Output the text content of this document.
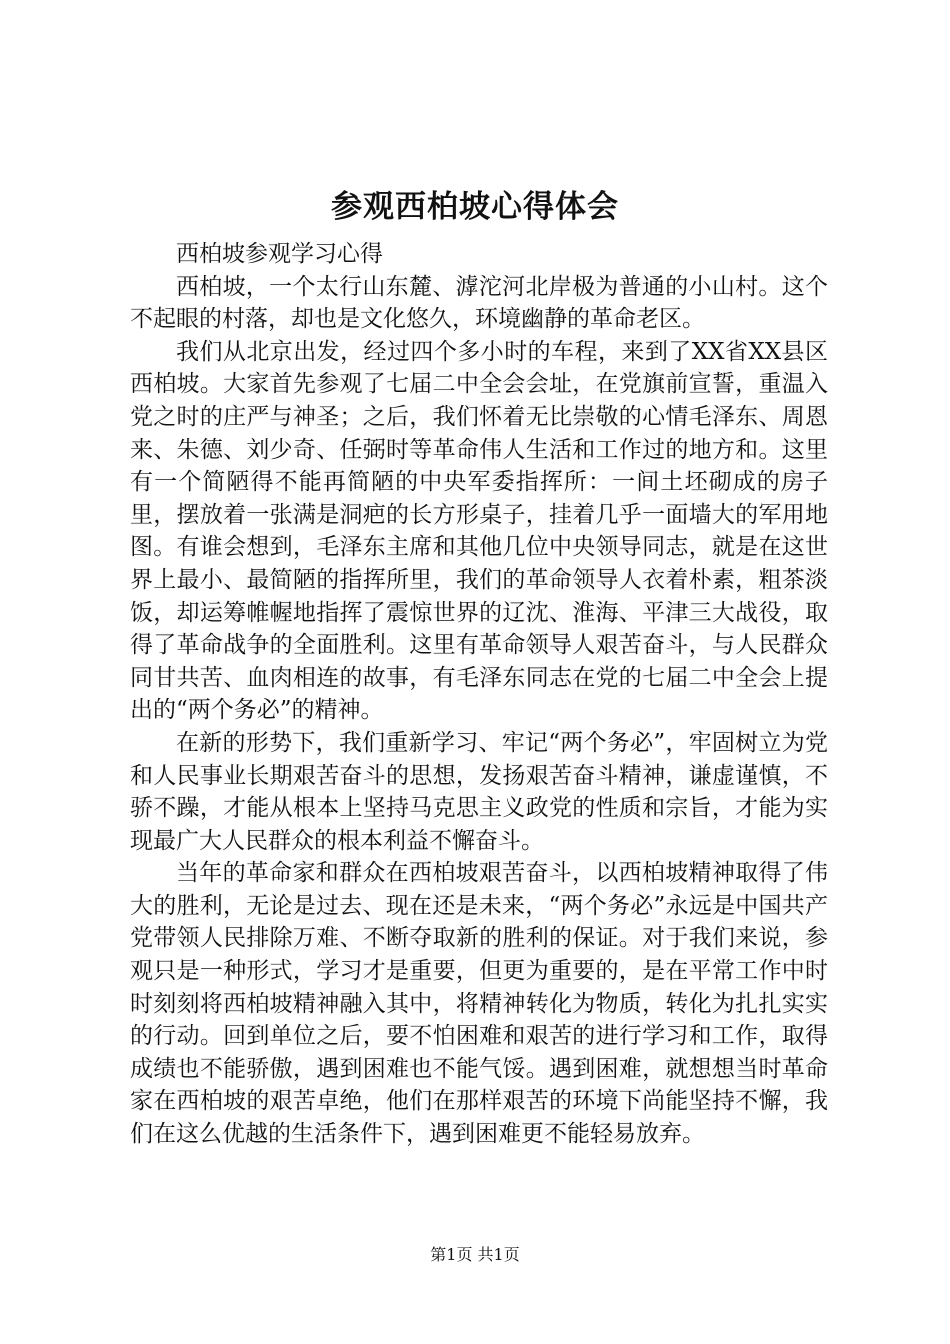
参观西柏坡心得体会

西柏坡参观学习心得

西柏坡，一个太行山东麓、滹沱河北岸极为普通的小山村。这个不起眼的村落，却也是文化悠久，环境幽静的革命老区。

我们从北京出发，经过四个多小时的车程，来到了XX省XX县区西柏坡。大家首先参观了七届二中全会会址，在党旗前宣誓，重温入党之时的庄严与神圣；之后，我们怀着无比崇敬的心情毛泽东、周恩来、朱德、刘少奇、任弼时等革命伟人生活和工作过的地方和。这里有一个简陋得不能再简陋的中央军委指挥所：一间土坯砌成的房子里，摆放着一张满是洞疤的长方形桌子，挂着几乎一面墙大的军用地图。有谁会想到，毛泽东主席和其他几位中央领导同志，就是在这世界上最小、最简陋的指挥所里，我们的革命领导人衣着朴素，粗茶淡饭，却运筹帷幄地指挥了震惊世界的辽沈、淮海、平津三大战役，取得了革命战争的全面胜利。这里有革命领导人艰苦奋斗，与人民群众同甘共苦、血肉相连的故事，有毛泽东同志在党的七届二中全会上提出的“两个务必”的精神。

在新的形势下，我们重新学习、牢记“两个务必”，牢固树立为党和人民事业长期艰苦奋斗的思想，发扬艰苦奋斗精神，谦虚谨慎，不骄不躁，才能从根本上坚持马克思主义政党的性质和宗旨，才能为实现最广大人民群众的根本利益不懈奋斗。

当年的革命家和群众在西柏坡艰苦奋斗，以西柏坡精神取得了伟大的胜利，无论是过去、现在还是未来，“两个务必”永远是中国共产党带领人民排除万难、不断夺取新的胜利的保证。对于我们来说，参观只是一种形式，学习才是重要，但更为重要的，是在平常工作中时时刻刻将西柏坡精神融入其中，将精神转化为物质，转化为扎扎实实的行动。回到单位之后，要不怕困难和艰苦的进行学习和工作，取得成绩也不能骄傲，遇到困难也不能气馁。遇到困难，就想想当时革命家在西柏坡的艰苦卓绝，他们在那样艰苦的环境下尚能坚持不懈，我们在这么优越的生活条件下，遇到困难更不能轻易放弃。

第1页 共1页
